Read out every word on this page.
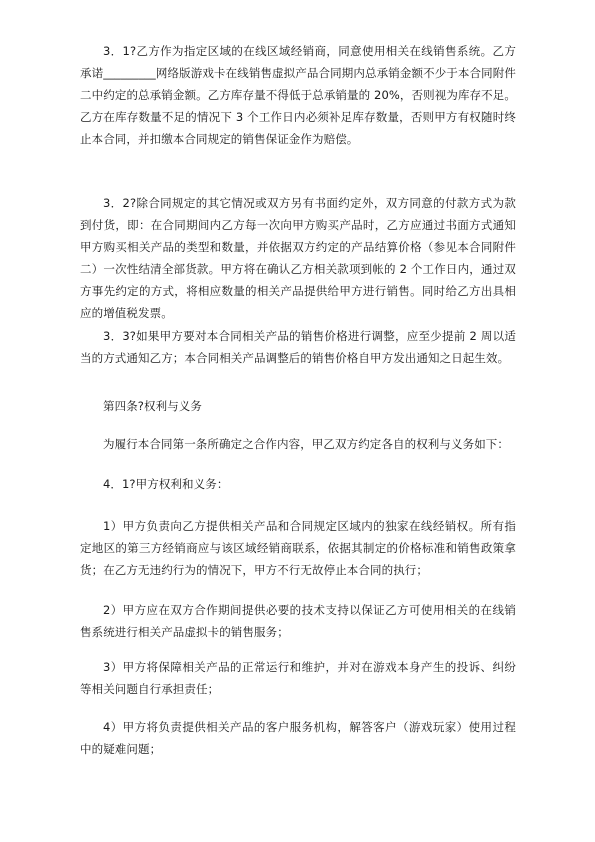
3．1?乙方作为指定区域的在线区域经销商，同意使用相关在线销售系统。乙方承诺_________网络版游戏卡在线销售虚拟产品合同期内总承销金额不少于本合同附件二中约定的总承销金额。乙方库存量不得低于总承销量的 20%，否则视为库存不足。乙方在库存数量不足的情况下 3 个工作日内必须补足库存数量，否则甲方有权随时终止本合同，并扣缴本合同规定的销售保证金作为赔偿。

3．2?除合同规定的其它情况或双方另有书面约定外，双方同意的付款方式为款到付货，即：在合同期间内乙方每一次向甲方购买产品时，乙方应通过书面方式通知甲方购买相关产品的类型和数量，并依据双方约定的产品结算价格（参见本合同附件二）一次性结清全部货款。甲方将在确认乙方相关款项到帐的 2 个工作日内，通过双方事先约定的方式，将相应数量的相关产品提供给甲方进行销售。同时给乙方出具相应的增值税发票。

3．3?如果甲方要对本合同相关产品的销售价格进行调整，应至少提前 2 周以适当的方式通知乙方；本合同相关产品调整后的销售价格自甲方发出通知之日起生效。

第四条?权利与义务

为履行本合同第一条所确定之合作内容，甲乙双方约定各自的权利与义务如下：

4．1?甲方权利和义务：

1）甲方负责向乙方提供相关产品和合同规定区域内的独家在线经销权。所有指定地区的第三方经销商应与该区域经销商联系，依据其制定的价格标准和销售政策拿货；在乙方无违约行为的情况下，甲方不行无故停止本合同的执行；

2）甲方应在双方合作期间提供必要的技术支持以保证乙方可使用相关的在线销售系统进行相关产品虚拟卡的销售服务；

3）甲方将保障相关产品的正常运行和维护，并对在游戏本身产生的投诉、纠纷等相关问题自行承担责任；

4）甲方将负责提供相关产品的客户服务机构，解答客户（游戏玩家）使用过程中的疑难问题；
